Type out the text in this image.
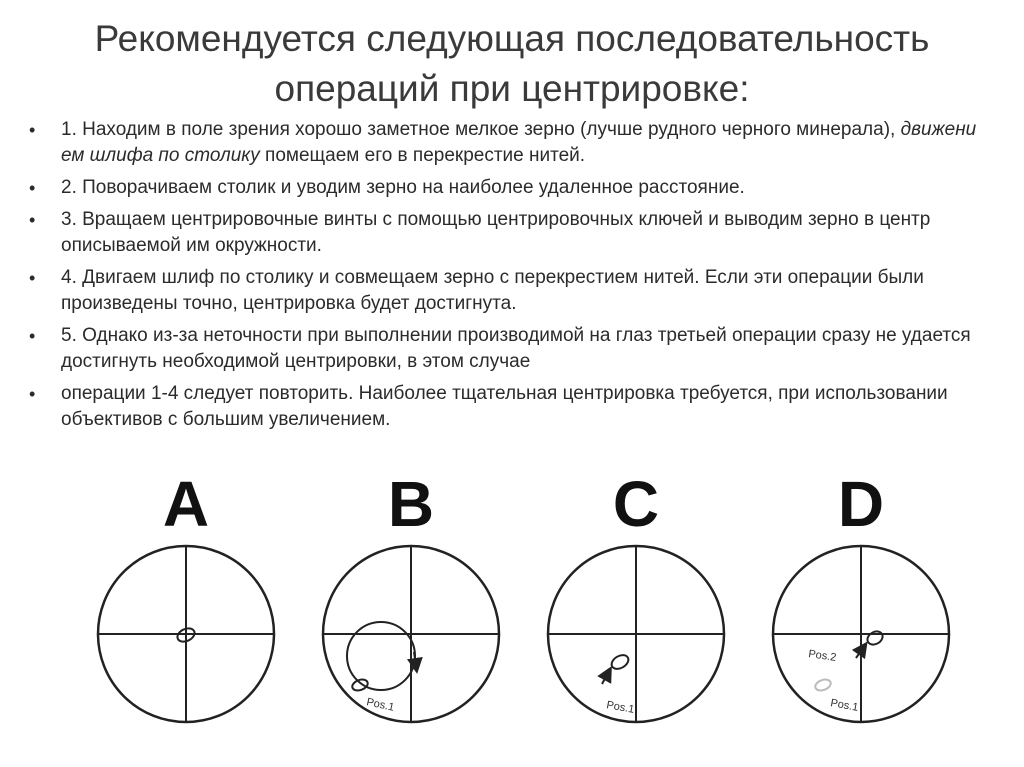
Рекомендуется следующая последовательность
операций при центрировке:
• 1. Находим в поле зрения хорошо заметное мелкое зерно (лучше рудного черного минерала), движени ем шлифа по столику помещаем его в перекрестие нитей.
• 2. Поворачиваем столик и уводим зерно на наиболее удаленное расстояние.
• 3. Вращаем центрировочные винты с помощью центрировочных ключей и выводим зерно в центр описываемой им окружности.
• 4. Двигаем шлиф по столику и совмещаем зерно с перекрестием нитей. Если эти операции были произведены точно, центрировка будет достигнута.
• 5. Однако из-за неточности при выполнении производимой на глаз третьей операции сразу не удается достигнуть необходимой центрировки, в этом случае
• операции 1-4 следует повторить. Наиболее тщательная центрировка требуется, при использовании объективов с большим увеличением.
A	B
Pos.1
C
Pos.1
D
Pos.2
Pos.1
